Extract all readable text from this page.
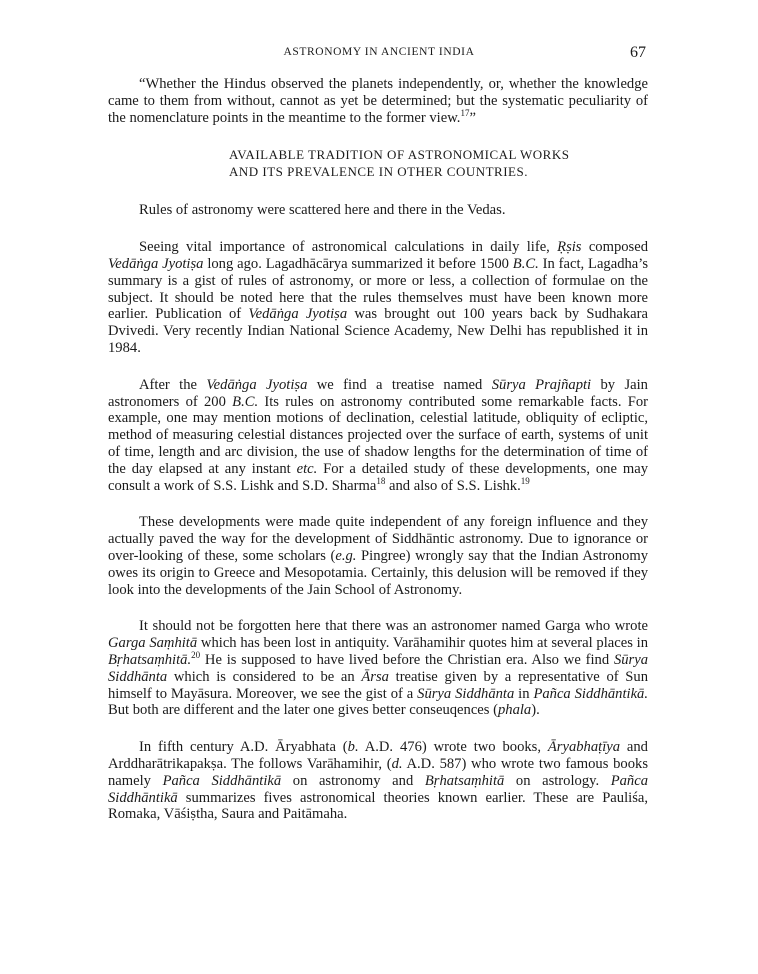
ASTRONOMY IN ANCIENT INDIA	67

“Whether the Hindus observed the planets independently, or, whether the knowledge came to them from without, cannot as yet be determined; but the systematic peculiarity of the nomenclature points in the meantime to the former view.$^{17}$”

AVAILABLE TRADITION OF ASTRONOMICAL WORKS
AND ITS PREVALENCE IN OTHER COUNTRIES.

Rules of astronomy were scattered here and there in the Vedas.

Seeing vital importance of astronomical calculations in daily life, Ṛṣis composed Vedāṅga Jyotiṣa long ago. Lagadhācārya summarized it before 1500 B.C. In fact, Lagadha’s summary is a gist of rules of astronomy, or more or less, a collection of formulae on the subject. It should be noted here that the rules themselves must have been known more earlier. Publication of Vedāṅga Jyotiṣa was brought out 100 years back by Sudhakara Dvivedi. Very recently Indian National Science Academy, New Delhi has republished it in 1984.

After the Vedāṅga Jyotiṣa we find a treatise named Sūrya Prajñapti by Jain astronomers of 200 B.C. Its rules on astronomy contributed some remarkable facts. For example, one may mention motions of declination, celestial latitude, obliquity of ecliptic, method of measuring celestial distances projected over the surface of earth, systems of unit of time, length and arc division, the use of shadow lengths for the determination of time of the day elapsed at any instant etc. For a detailed study of these developments, one may consult a work of S.S. Lishk and S.D. Sharma$^{18}$ and also of S.S. Lishk.$^{19}$

These developments were made quite independent of any foreign influence and they actually paved the way for the development of Siddhāntic astronomy. Due to ignorance or over-looking of these, some scholars (e.g. Pingree) wrongly say that the Indian Astronomy owes its origin to Greece and Mesopotamia. Certainly, this delusion will be removed if they look into the developments of the Jain School of Astronomy.

It should not be forgotten here that there was an astronomer named Garga who wrote Garga Saṃhitā which has been lost in antiquity. Varāhamihir quotes him at several places in Bṛhatsaṃhitā.$^{20}$ He is supposed to have lived before the Christian era. Also we find Sūrya Siddhānta which is considered to be an Ārsa treatise given by a representative of Sun himself to Mayāsura. Moreover, we see the gist of a Sūrya Siddhānta in Pañca Siddhāntikā. But both are different and the later one gives better conseuqences (phala).

In fifth century A.D. Āryabhata (b. A.D. 476) wrote two books, Āryabhaṭīya and Arddharātrikapakṣa. The follows Varāhamihir, (d. A.D. 587) who wrote two famous books namely Pañca Siddhāntikā on astronomy and Bṛhatsaṃhitā on astrology. Pañca Siddhāntikā summarizes fives astronomical theories known earlier. These are Pauliśa, Romaka, Vāśiṣtha, Saura and Paitāmaha.
